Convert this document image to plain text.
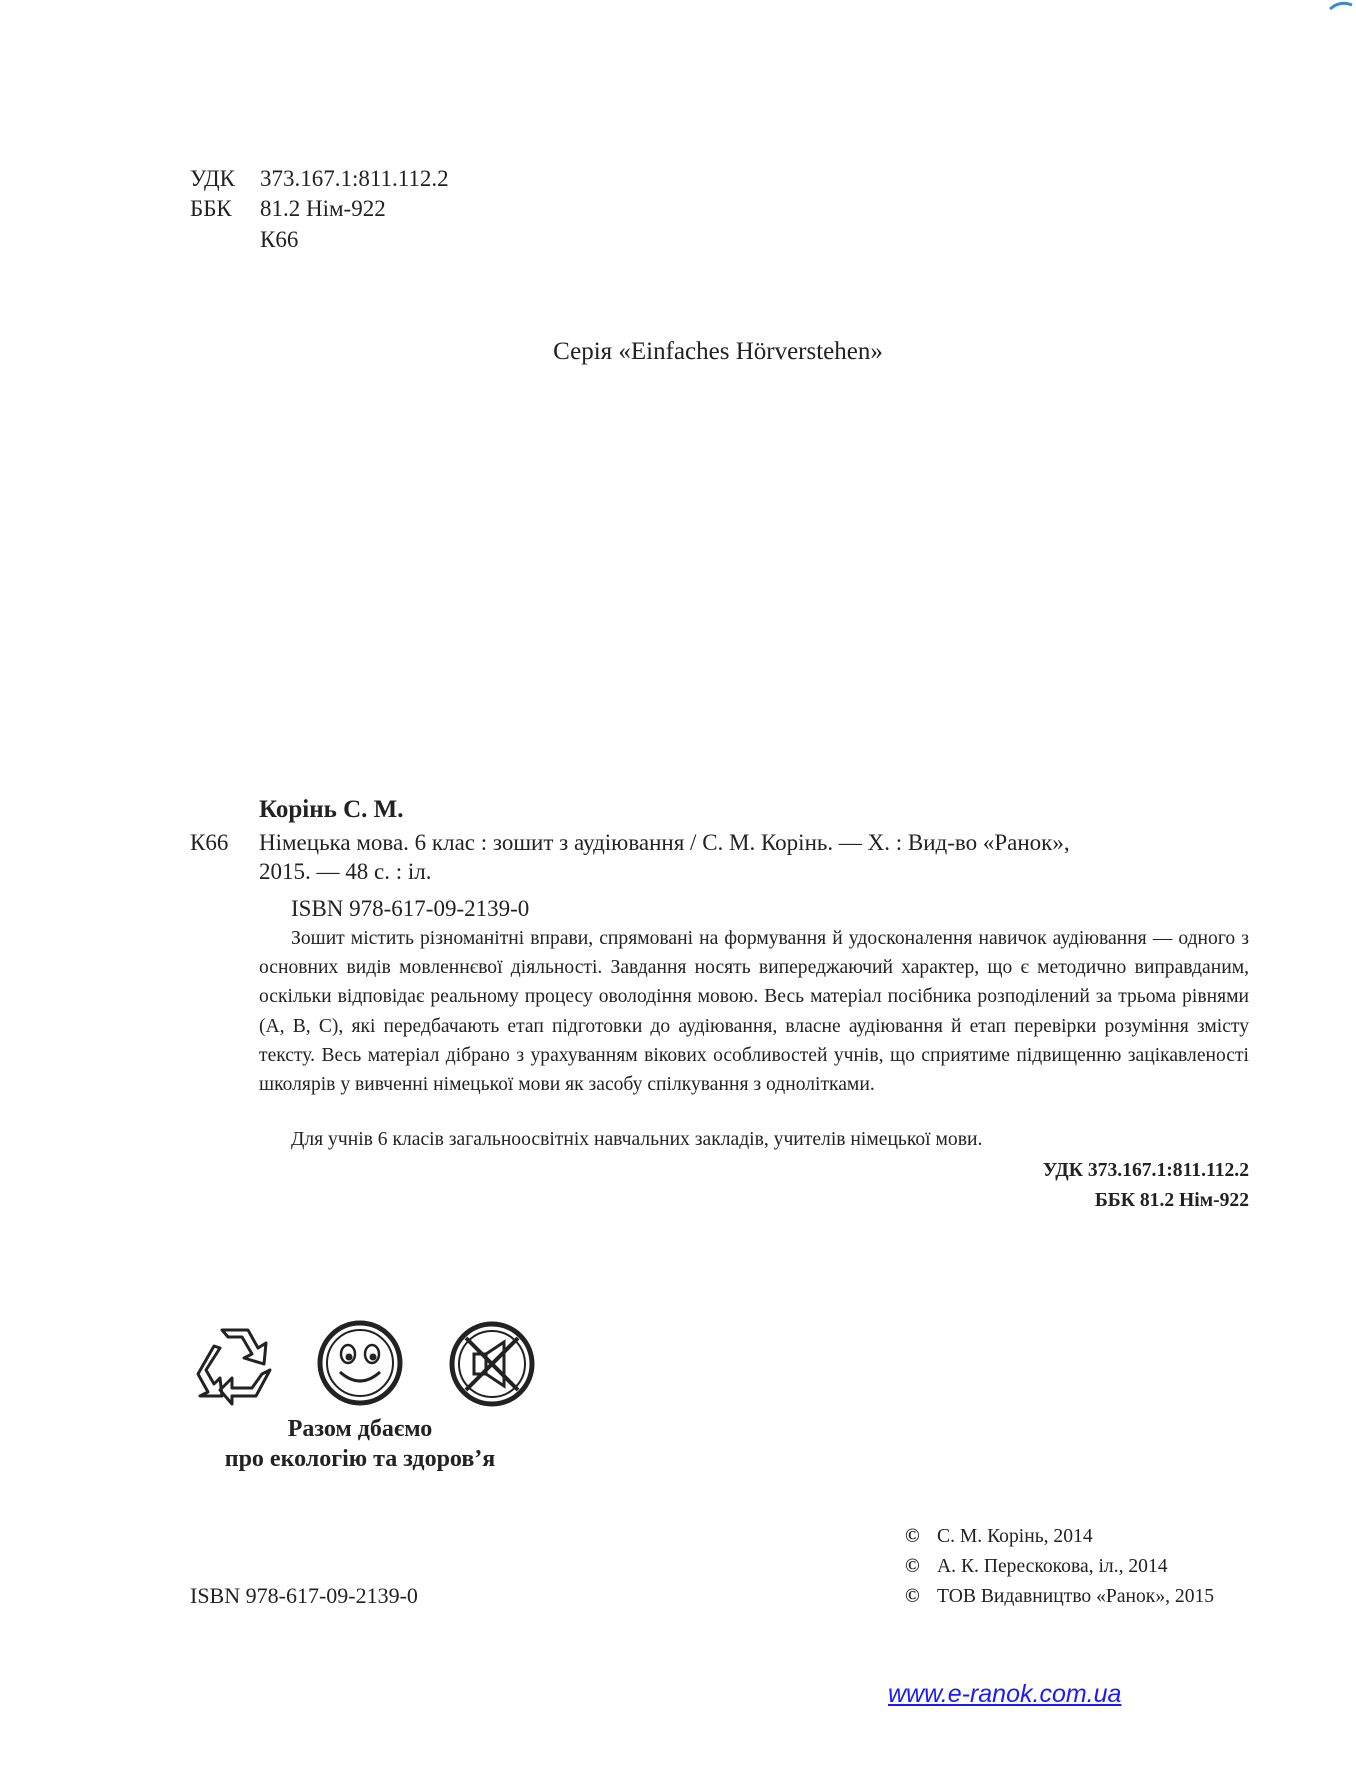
УДК 373.167.1:811.112.2
ББК 81.2 Нім-922
К66
Серія «Einfaches Hörverstehen»
Корінь С. М.
К66 Німецька мова. 6 клас : зошит з аудіювання / С. М. Корінь. — Х. : Вид-во «Ранок»,
2015. — 48 с. : іл.
ISBN 978-617-09-2139-0

Зошит містить різноманітні вправи, спрямовані на формування й удосконалення навичок аудіювання — одного з основних видів мовленнєвої діяльності. Завдання носять випереджаючий характер, що є методично виправданим, оскільки відповідає реальному процесу оволодіння мовою. Весь матеріал посібника розподілений за трьома рівнями (А, В, С), які передбачають етап підготовки до аудіювання, власне аудіювання й етап перевірки розуміння змісту тексту. Весь матеріал дібрано з урахуванням вікових особливостей учнів, що сприятиме підвищенню зацікавленості школярів у вивченні німецької мови як засобу спілкування з однолітками.

Для учнів 6 класів загальноосвітніх навчальних закладів, учителів німецької мови.

УДК 373.167.1:811.112.2
ББК 81.2 Нім-922
Разом дбаємо
про екологію та здоров’я
© С. М. Корінь, 2014
© А. К. Перескокова, іл., 2014
© ТОВ Видавництво «Ранок», 2015
ISBN 978-617-09-2139-0
www.e-ranok.com.ua
